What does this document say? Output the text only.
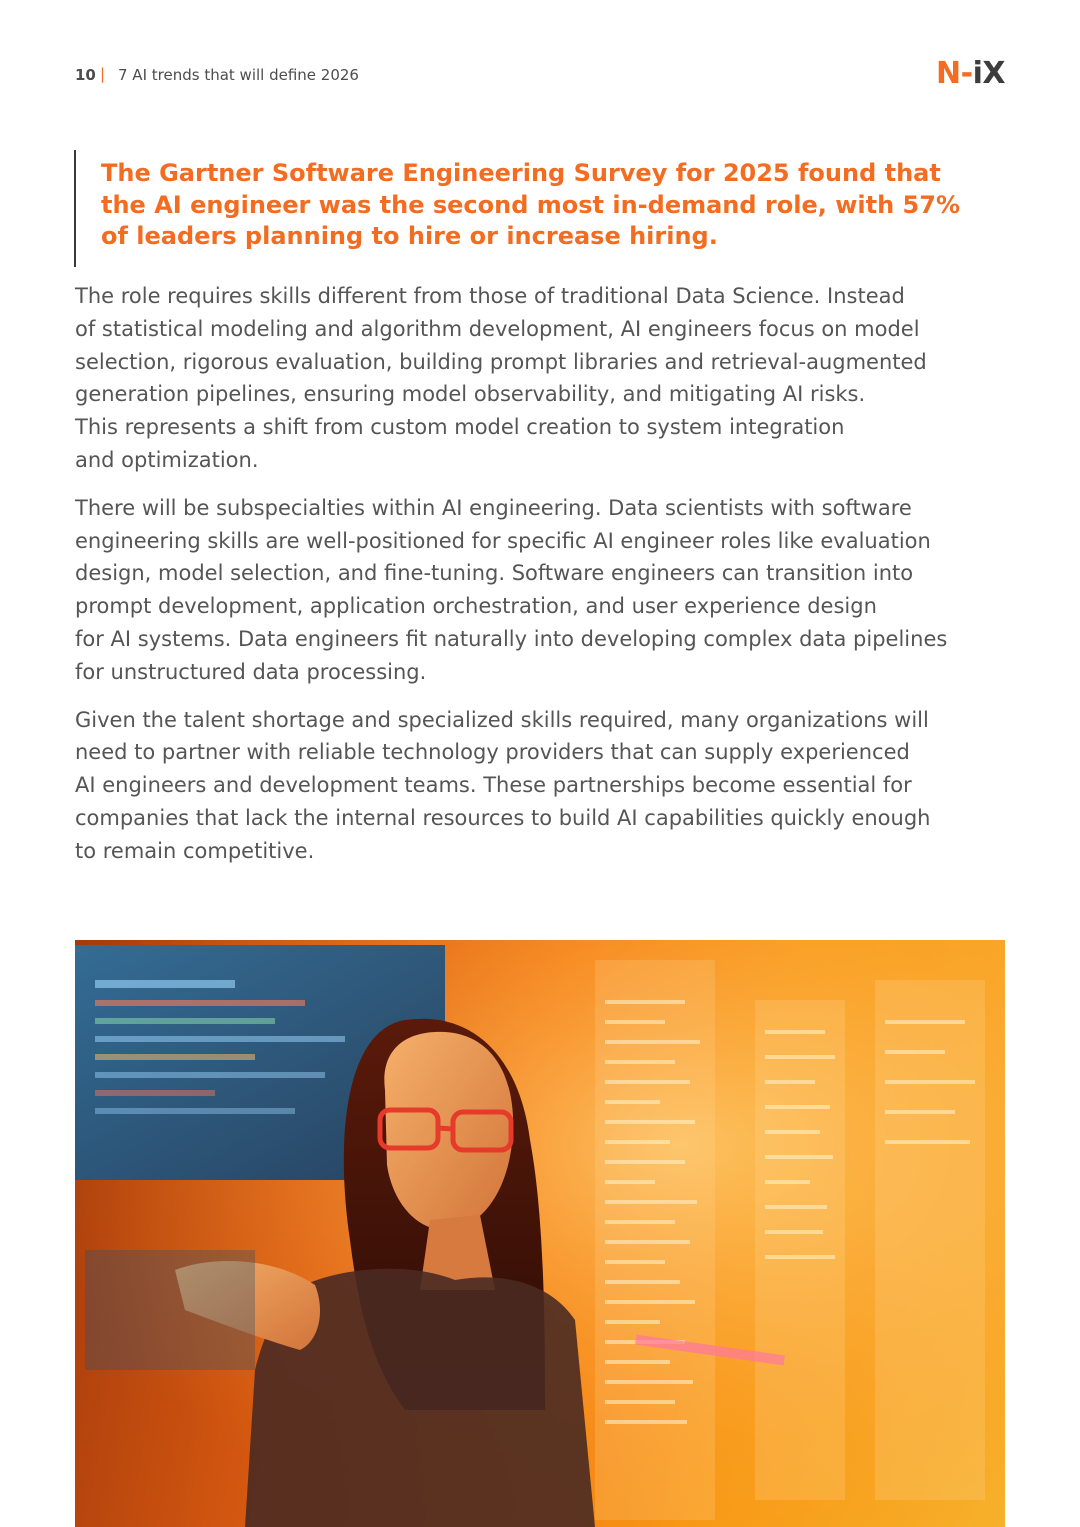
10 | 7 AI trends that will define 2026	N-iX

The Gartner Software Engineering Survey for 2025 found that the AI engineer was the second most in-demand role, with 57% of leaders planning to hire or increase hiring.

The role requires skills different from those of traditional Data Science. Instead
of statistical modeling and algorithm development, AI engineers focus on model
selection, rigorous evaluation, building prompt libraries and retrieval-augmented
generation pipelines, ensuring model observability, and mitigating AI risks.
This represents a shift from custom model creation to system integration
and optimization.

There will be subspecialties within AI engineering. Data scientists with software
engineering skills are well-positioned for specific AI engineer roles like evaluation
design, model selection, and fine-tuning. Software engineers can transition into
prompt development, application orchestration, and user experience design
for AI systems. Data engineers fit naturally into developing complex data pipelines
for unstructured data processing.

Given the talent shortage and specialized skills required, many organizations will
need to partner with reliable technology providers that can supply experienced
AI engineers and development teams. These partnerships become essential for
companies that lack the internal resources to build AI capabilities quickly enough
to remain competitive.
